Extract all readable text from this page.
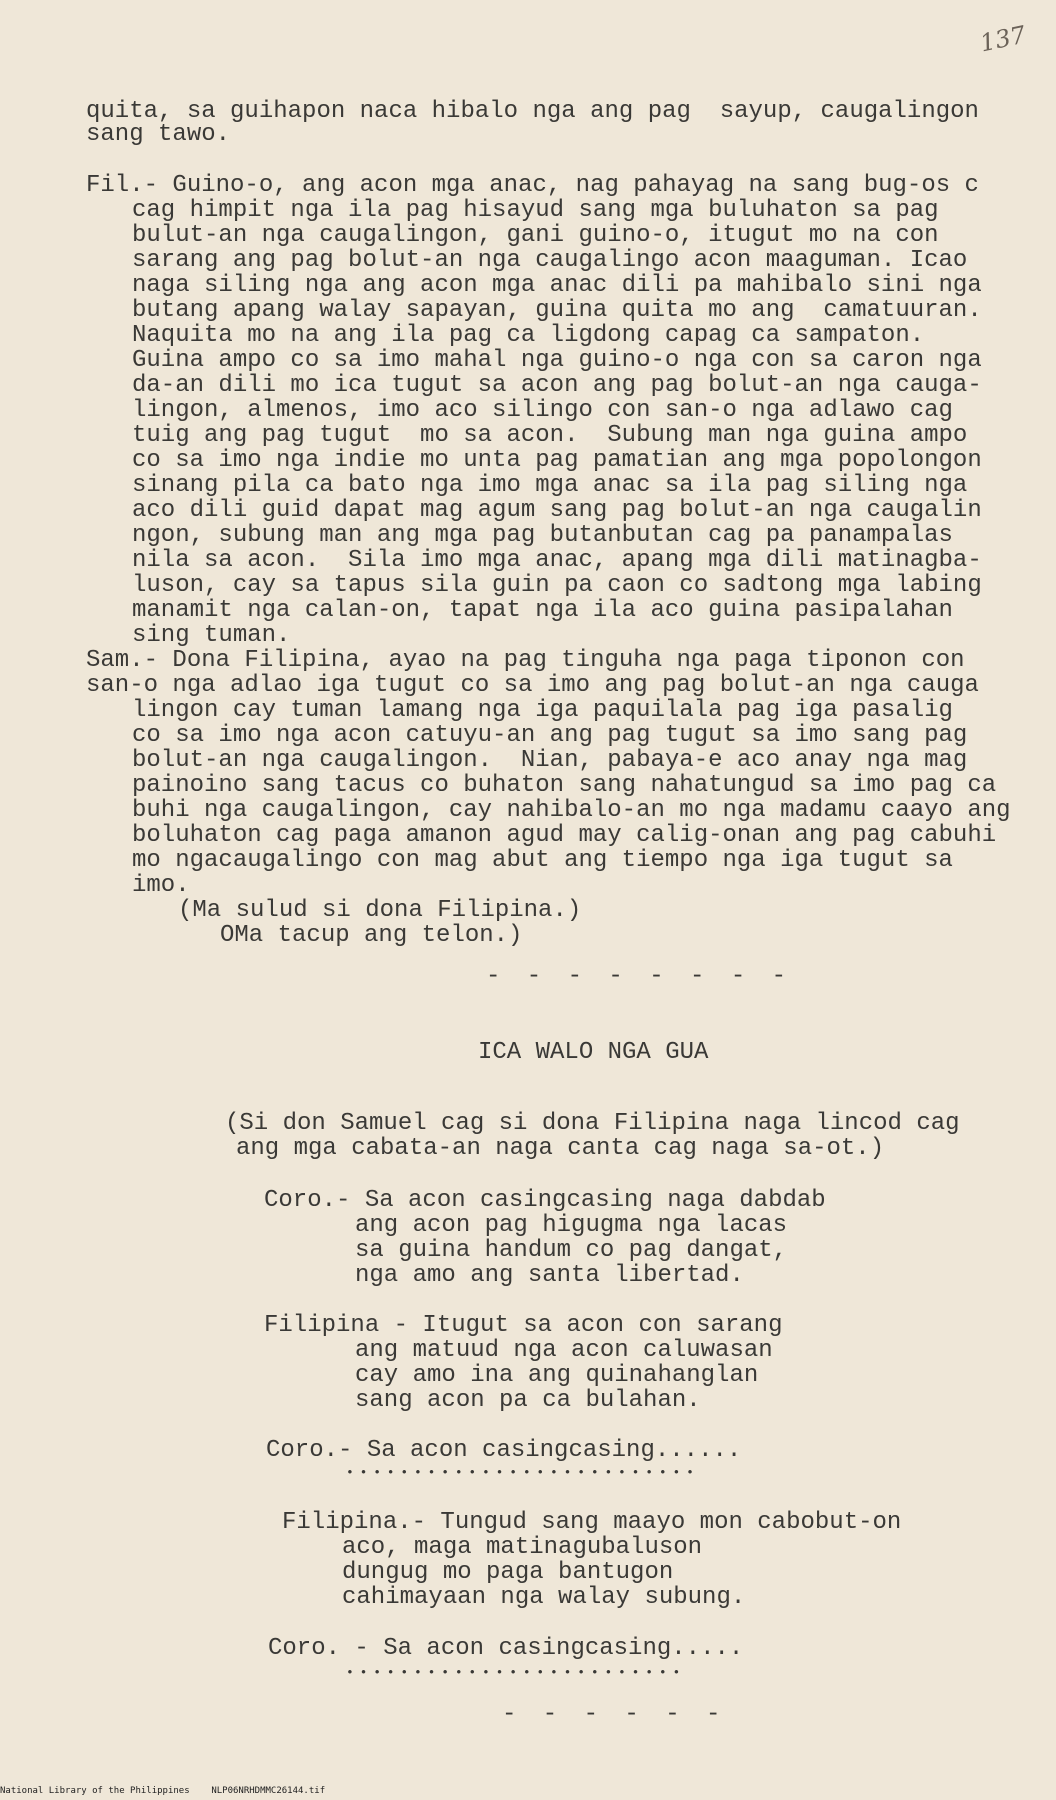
137
quita, sa guihapon naca hibalo nga ang pag  sayup, caugalingon
sang tawo.
Fil.- Guino-o, ang acon mga anac, nag pahayag na sang bug-os c
cag himpit nga ila pag hisayud sang mga buluhaton sa pag
bulut-an nga caugalingon, gani guino-o, itugut mo na con
sarang ang pag bolut-an nga caugalingo acon maaguman. Icao
naga siling nga ang acon mga anac dili pa mahibalo sini nga
butang apang walay sapayan, guina quita mo ang  camatuuran.
Naquita mo na ang ila pag ca ligdong capag ca sampaton.
Guina ampo co sa imo mahal nga guino-o nga con sa caron nga
da-an dili mo ica tugut sa acon ang pag bolut-an nga cauga-
lingon, almenos, imo aco silingo con san-o nga adlawo cag
tuig ang pag tugut  mo sa acon.  Subung man nga guina ampo
co sa imo nga indie mo unta pag pamatian ang mga popolongon
sinang pila ca bato nga imo mga anac sa ila pag siling nga
aco dili guid dapat mag agum sang pag bolut-an nga caugalin
ngon, subung man ang mga pag butanbutan cag pa panampalas
nila sa acon.  Sila imo mga anac, apang mga dili matinagba-
luson, cay sa tapus sila guin pa caon co sadtong mga labing
manamit nga calan-on, tapat nga ila aco guina pasipalahan
sing tuman.
Sam.- Dona Filipina, ayao na pag tinguha nga paga tiponon con
san-o nga adlao iga tugut co sa imo ang pag bolut-an nga cauga
lingon cay tuman lamang nga iga paquilala pag iga pasalig
co sa imo nga acon catuyu-an ang pag tugut sa imo sang pag
bolut-an nga caugalingon.  Nian, pabaya-e aco anay nga mag
painoino sang tacus co buhaton sang nahatungud sa imo pag ca
buhi nga caugalingon, cay nahibalo-an mo nga madamu caayo ang
boluhaton cag paga amanon agud may calig-onan ang pag cabuhi
mo ngacaugalingo con mag abut ang tiempo nga iga tugut sa
imo.
(Ma sulud si dona Filipina.)
OMa tacup ang telon.)
- - - - - - - -
ICA WALO NGA GUA
(Si don Samuel cag si dona Filipina naga lincod cag
ang mga cabata-an naga canta cag naga sa-ot.)
Coro.- Sa acon casingcasing naga dabdab
ang acon pag higugma nga lacas
sa guina handum co pag dangat,
nga amo ang santa libertad.
Filipina - Itugut sa acon con sarang
ang matuud nga acon caluwasan
cay amo ina ang quinahanglan
sang acon pa ca bulahan.
Coro.- Sa acon casingcasing......
• • • • • • • • • • • • • • • • • • • • • • • • • •
Filipina.- Tungud sang maayo mon cabobut-on
aco, maga matinagubaluson
dungug mo paga bantugon
cahimayaan nga walay subung.
Coro. - Sa acon casingcasing.....
• • • • • • • • • • • • • • • • • • • • • • • • •
- - - - - -
National Library of the Philippines    NLP06NRHDMMC26144.tif
